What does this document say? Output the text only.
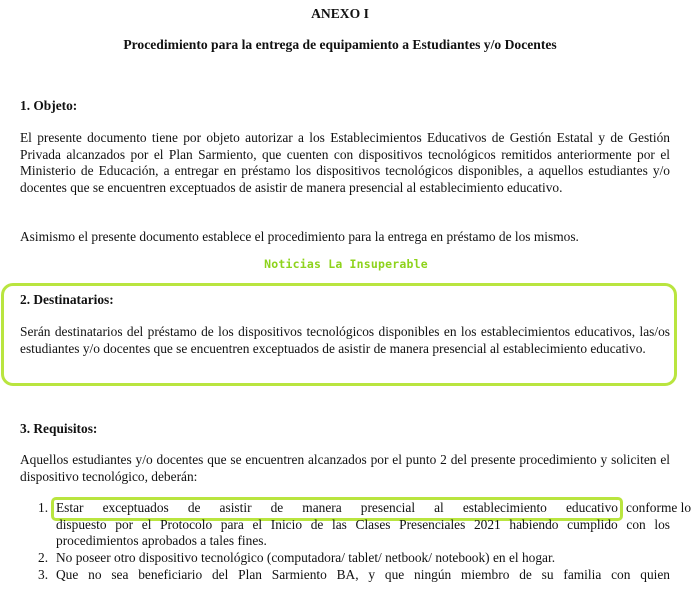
ANEXO I
Procedimiento para la entrega de equipamiento a Estudiantes y/o Docentes
1. Objeto:

El presente documento tiene por objeto autorizar a los Establecimientos Educativos de Gestión Estatal y de Gestión Privada alcanzados por el Plan Sarmiento, que cuenten con dispositivos tecnológicos remitidos anteriormente por el Ministerio de Educación, a entregar en préstamo los dispositivos tecnológicos disponibles, a aquellos estudiantes y/o docentes que se encuentren exceptuados de asistir de manera presencial al establecimiento educativo.

Asimismo el presente documento establece el procedimiento para la entrega en préstamo de los mismos.

Noticias La Insuperable
2. Destinatarios:

Serán destinatarios del préstamo de los dispositivos tecnológicos disponibles en los establecimientos educativos, las/os estudiantes y/o docentes que se encuentren exceptuados de asistir de manera presencial al establecimiento educativo.

3. Requisitos:

Aquellos estudiantes y/o docentes que se encuentren alcanzados por el punto 2 del presente procedimiento y soliciten el dispositivo tecnológico, deberán:

1. Estar exceptuados de asistir de manera presencial al establecimiento educativo conforme lo

dispuesto por el Protocolo para el Inicio de las Clases Presenciales 2021 habiendo cumplido con los procedimientos aprobados a tales fines.

2. No poseer otro dispositivo tecnológico (computadora/ tablet/ netbook/ notebook) en el hogar.

3. Que no sea beneficiario del Plan Sarmiento BA, y que ningún miembro de su familia con quien
